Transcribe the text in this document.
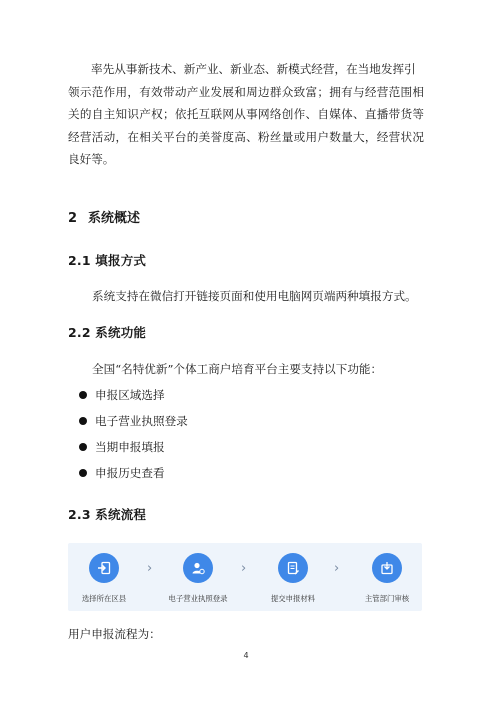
率先从事新技术、新产业、新业态、新模式经营，在当地发挥引
领示范作用，有效带动产业发展和周边群众致富；拥有与经营范围相关的自主知识产权；依托互联网从事网络创作、自媒体、直播带货等经营活动，在相关平台的美誉度高、粉丝量或用户数量大，经营状况良好等。
2 系统概述
2.1 填报方式
系统支持在微信打开链接页面和使用电脑网页端两种填报方式。
2.2 系统功能
全国“名特优新”个体工商户培育平台主要支持以下功能：
申报区域选择
电子营业执照登录
当期申报填报
申报历史查看
2.3 系统流程
选择所在区县
›
电子营业执照登录
›
提交申报材料
›
主管部门审核
用户申报流程为：
4
